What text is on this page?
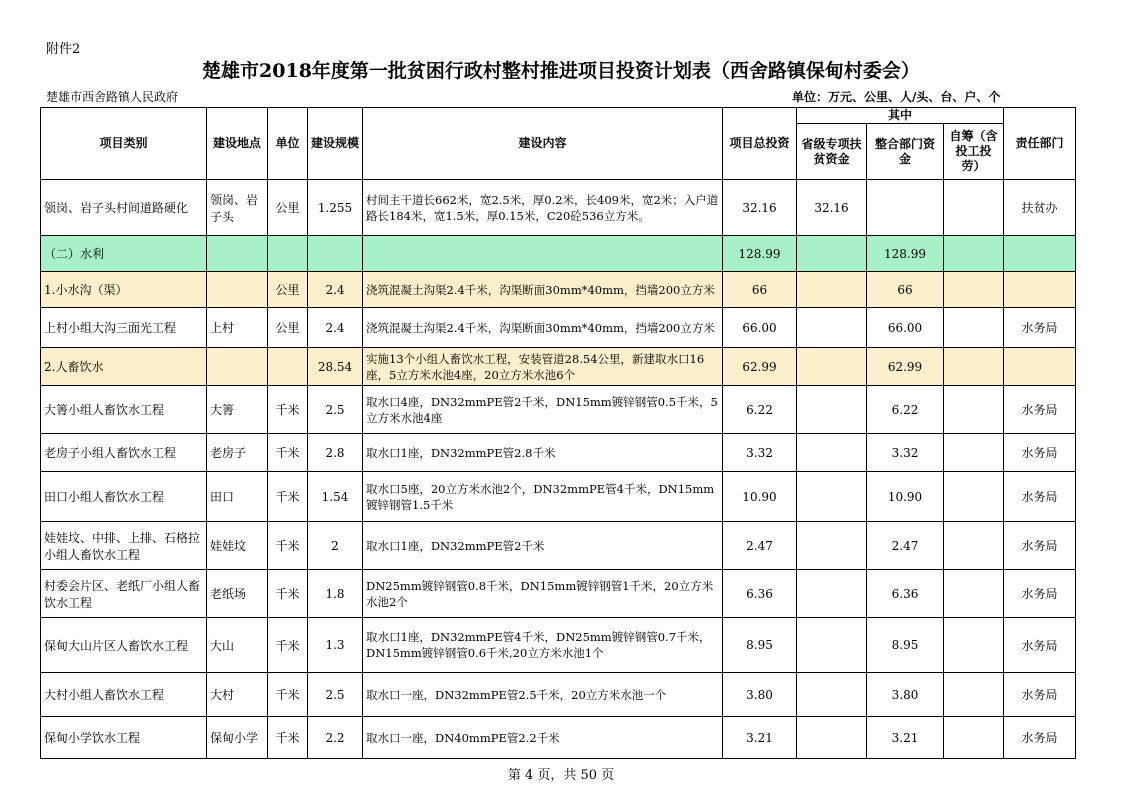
附件2
楚雄市2018年度第一批贫困行政村整村推进项目投资计划表（西舍路镇保甸村委会）
楚雄市西舍路镇人民政府	单位：万元、公里、人/头、台、户、个
项目类别	建设地点	单位	建设规模	建设内容	项目总投资	其中			责任部门
						省级专项扶贫资金	整合部门资金	自筹（含投工投劳）	
领岗、岩子头村间道路硬化	领岗、岩子头	公里	1.255	村间主干道长662米，宽2.5米，厚0.2米，长409米，宽2米；入户道路长184米，宽1.5米，厚0.15米，C20砼536立方米。	32.16	32.16			扶贫办
（二）水利					128.99		128.99		
1.小水沟（渠）		公里	2.4	浇筑混凝土沟渠2.4千米，沟渠断面30mm*40mm，挡墙200立方米	66		66		
上村小组大沟三面光工程	上村	公里	2.4	浇筑混凝土沟渠2.4千米，沟渠断面30mm*40mm，挡墙200立方米	66.00		66.00		水务局
2.人畜饮水			28.54	实施13个小组人畜饮水工程，安装管道28.54公里，新建取水口16座，5立方米水池4座，20立方米水池6个	62.99		62.99		
大箐小组人畜饮水工程	大箐	千米	2.5	取水口4座，DN32mmPE管2千米，DN15mm镀锌钢管0.5千米，5立方米水池4座	6.22		6.22		水务局
老房子小组人畜饮水工程	老房子	千米	2.8	取水口1座，DN32mmPE管2.8千米	3.32		3.32		水务局
田口小组人畜饮水工程	田口	千米	1.54	取水口5座，20立方米水池2个，DN32mmPE管4千米，DN15mm镀锌钢管1.5千米	10.90		10.90		水务局
娃娃坟、中排、上排、石格拉小组人畜饮水工程	娃娃坟	千米	2	取水口1座，DN32mmPE管2千米	2.47		2.47		水务局
村委会片区、老纸厂小组人畜饮水工程	老纸场	千米	1.8	DN25mm镀锌钢管0.8千米，DN15mm镀锌钢管1千米，20立方米水池2个	6.36		6.36		水务局
保甸大山片区人畜饮水工程	大山	千米	1.3	取水口1座，DN32mmPE管4千米，DN25mm镀锌钢管0.7千米，DN15mm镀锌钢管0.6千米,20立方米水池1个	8.95		8.95		水务局
大村小组人畜饮水工程	大村	千米	2.5	取水口一座，DN32mmPE管2.5千米，20立方米水池一个	3.80		3.80		水务局
保甸小学饮水工程	保甸小学	千米	2.2	取水口一座，DN40mmPE管2.2千米	3.21		3.21		水务局
第 4 页，共 50 页
